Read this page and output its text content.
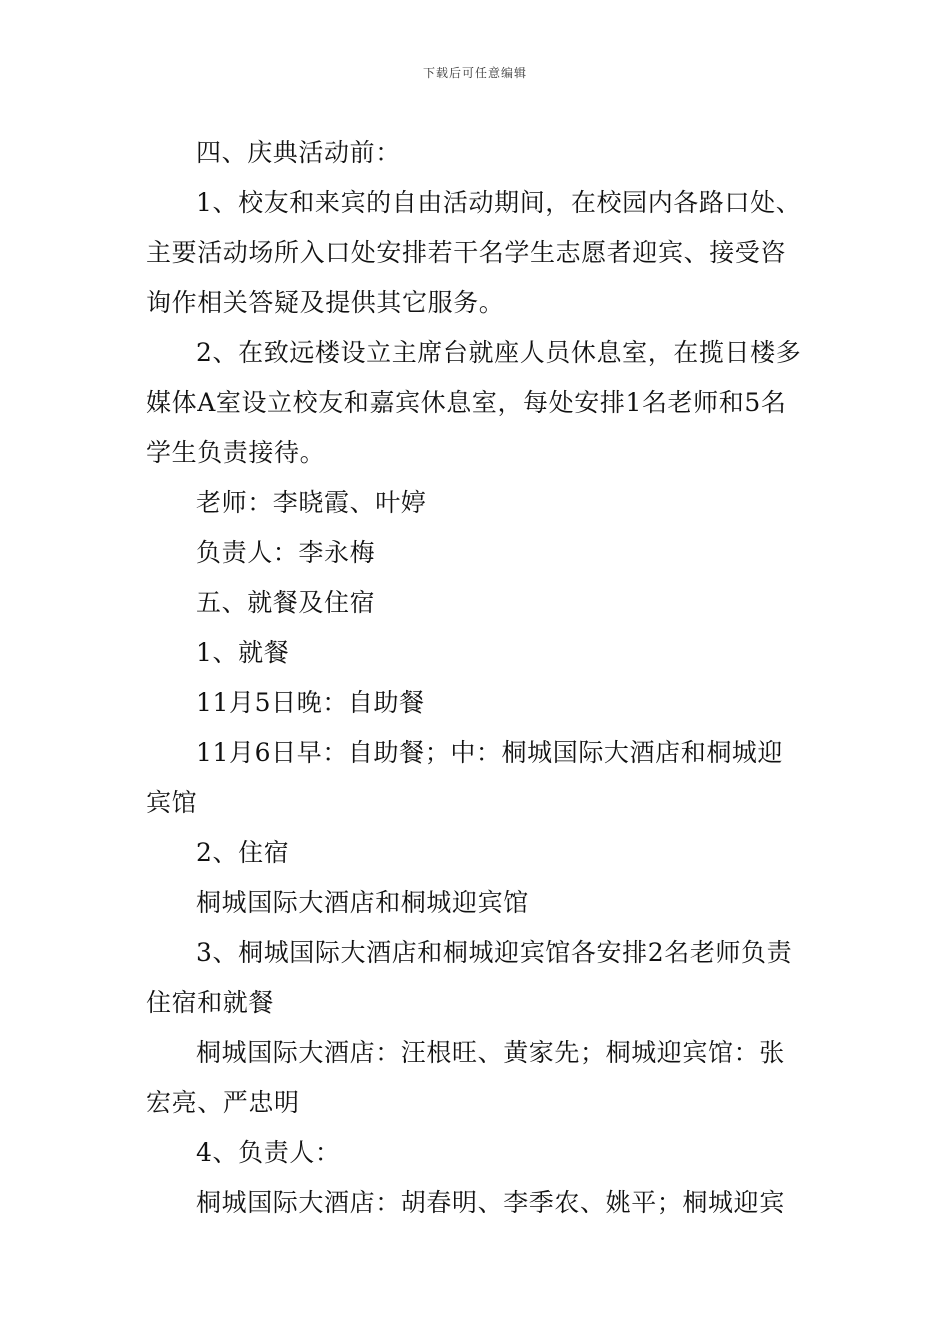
下载后可任意编辑
四、庆典活动前：
1、校友和来宾的自由活动期间，在校园内各路口处、
主要活动场所入口处安排若干名学生志愿者迎宾、接受咨
询作相关答疑及提供其它服务。
2、在致远楼设立主席台就座人员休息室，在揽日楼多
媒体A室设立校友和嘉宾休息室，每处安排1名老师和5名
学生负责接待。
老师：李晓霞、叶婷
负责人：李永梅
五、就餐及住宿
1、就餐
11月5日晚：自助餐
11月6日早：自助餐；中：桐城国际大酒店和桐城迎
宾馆
2、住宿
桐城国际大酒店和桐城迎宾馆
3、桐城国际大酒店和桐城迎宾馆各安排2名老师负责
住宿和就餐
桐城国际大酒店：汪根旺、黄家先；桐城迎宾馆：张
宏亮、严忠明
4、负责人：
桐城国际大酒店：胡春明、李季农、姚平；桐城迎宾
